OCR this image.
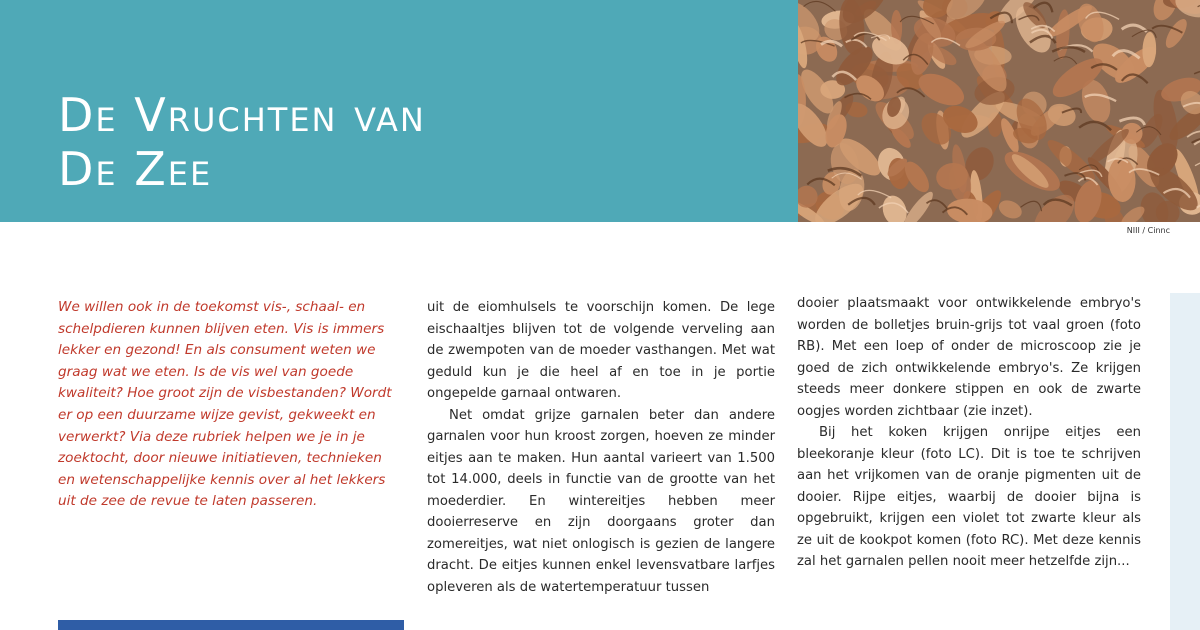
De Vruchten van
De Zee
NIII / Cinnc

We willen ook in de toekomst vis-, schaal- en schelpdieren kunnen blijven eten. Vis is immers lekker en gezond! En als consument weten we graag wat we eten. Is de vis wel van goede kwaliteit? Hoe groot zijn de visbestanden? Wordt er op een duurzame wijze gevist, gekweekt en verwerkt? Via deze rubriek helpen we je in je zoektocht, door nieuwe initiatieven, technieken en wetenschappelijke kennis over al het lekkers uit de zee de revue te laten passeren.

uit de eiomhulsels te voorschijn komen. De lege eischaaltjes blijven tot de volgende verveling aan de zwempoten van de moeder vasthangen. Met wat geduld kun je die heel af en toe in je portie ongepelde garnaal ontwaren.

Net omdat grijze garnalen beter dan andere garnalen voor hun kroost zorgen, hoeven ze minder eitjes aan te maken. Hun aantal varieert van 1.500 tot 14.000, deels in functie van de grootte van het moederdier. En wintereitjes hebben meer dooierreserve en zijn doorgaans groter dan zomereitjes, wat niet onlogisch is gezien de langere dracht. De eitjes kunnen enkel levensvatbare larfjes opleveren als de watertemperatuur tussen

dooier plaatsmaakt voor ontwikkelende embryo's worden de bolletjes bruin-grijs tot vaal groen (foto RB). Met een loep of onder de microscoop zie je goed de zich ontwikkelende embryo's. Ze krijgen steeds meer donkere stippen en ook de zwarte oogjes worden zichtbaar (zie inzet).

Bij het koken krijgen onrijpe eitjes een bleekoranje kleur (foto LC). Dit is toe te schrijven aan het vrijkomen van de oranje pigmenten uit de dooier. Rijpe eitjes, waarbij de dooier bijna is opgebruikt, krijgen een violet tot zwarte kleur als ze uit de kookpot komen (foto RC). Met deze kennis zal het garnalen pellen nooit meer hetzelfde zijn...
